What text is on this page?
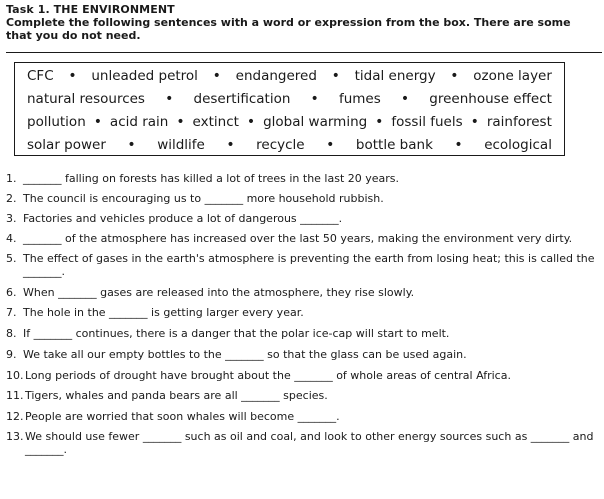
Task 1. THE ENVIRONMENT
Complete the following sentences with a word or expression from the box. There are some that you do not need.
CFC • unleaded petrol • endangered • tidal energy • ozone layer
natural resources • desertification • fumes • greenhouse effect
pollution • acid rain • extinct • global warming • fossil fuels • rainforest
solar power • wildlife • recycle • bottle bank • ecological
1. _______ falling on forests has killed a lot of trees in the last 20 years.
2. The council is encouraging us to _______ more household rubbish.
3. Factories and vehicles produce a lot of dangerous _______.
4. _______ of the atmosphere has increased over the last 50 years, making the environment very dirty.
5. The effect of gases in the earth's atmosphere is preventing the earth from losing heat; this is called the _______.
6. When _______ gases are released into the atmosphere, they rise slowly.
7. The hole in the _______ is getting larger every year.
8. If _______ continues, there is a danger that the polar ice-cap will start to melt.
9. We take all our empty bottles to the _______ so that the glass can be used again.
10. Long periods of drought have brought about the _______ of whole areas of central Africa.
11. Tigers, whales and panda bears are all _______ species.
12. People are worried that soon whales will become _______.
13. We should use fewer _______ such as oil and coal, and look to other energy sources such as _______ and _______.
